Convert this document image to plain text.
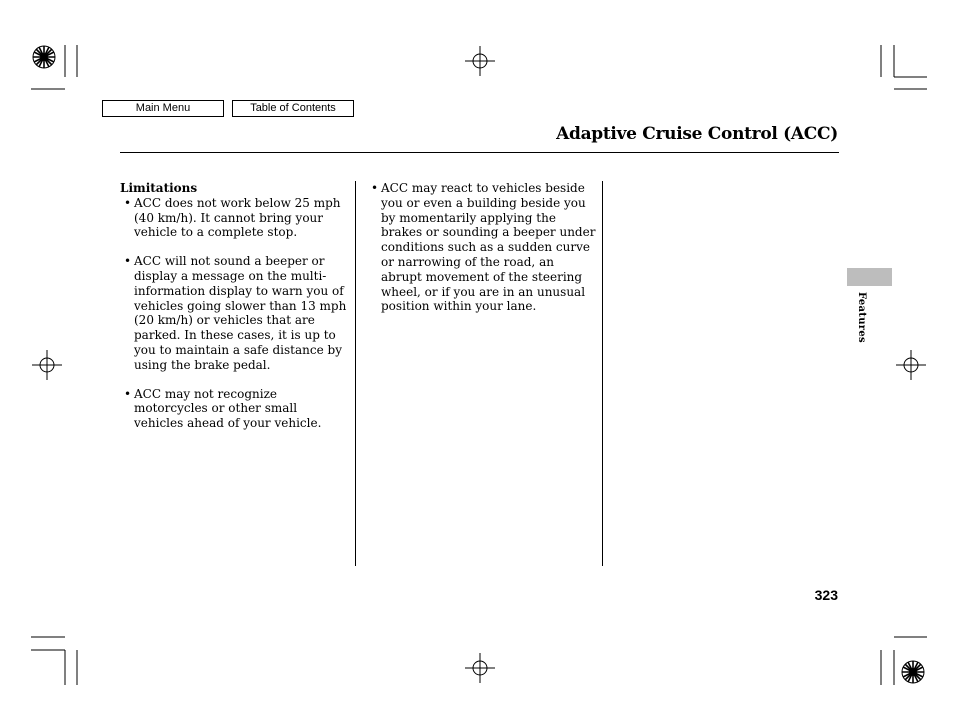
Main Menu	Table of Contents
Adaptive Cruise Control (ACC)
Limitations
• ACC does not work below 25 mph (40 km/h). It cannot bring your vehicle to a complete stop.
• ACC will not sound a beeper or display a message on the multi-information display to warn you of vehicles going slower than 13 mph (20 km/h) or vehicles that are parked. In these cases, it is up to you to maintain a safe distance by using the brake pedal.
• ACC may not recognize motorcycles or other small vehicles ahead of your vehicle.
• ACC may react to vehicles beside you or even a building beside you by momentarily applying the brakes or sounding a beeper under conditions such as a sudden curve or narrowing of the road, an abrupt movement of the steering wheel, or if you are in an unusual position within your lane.	Features
323
